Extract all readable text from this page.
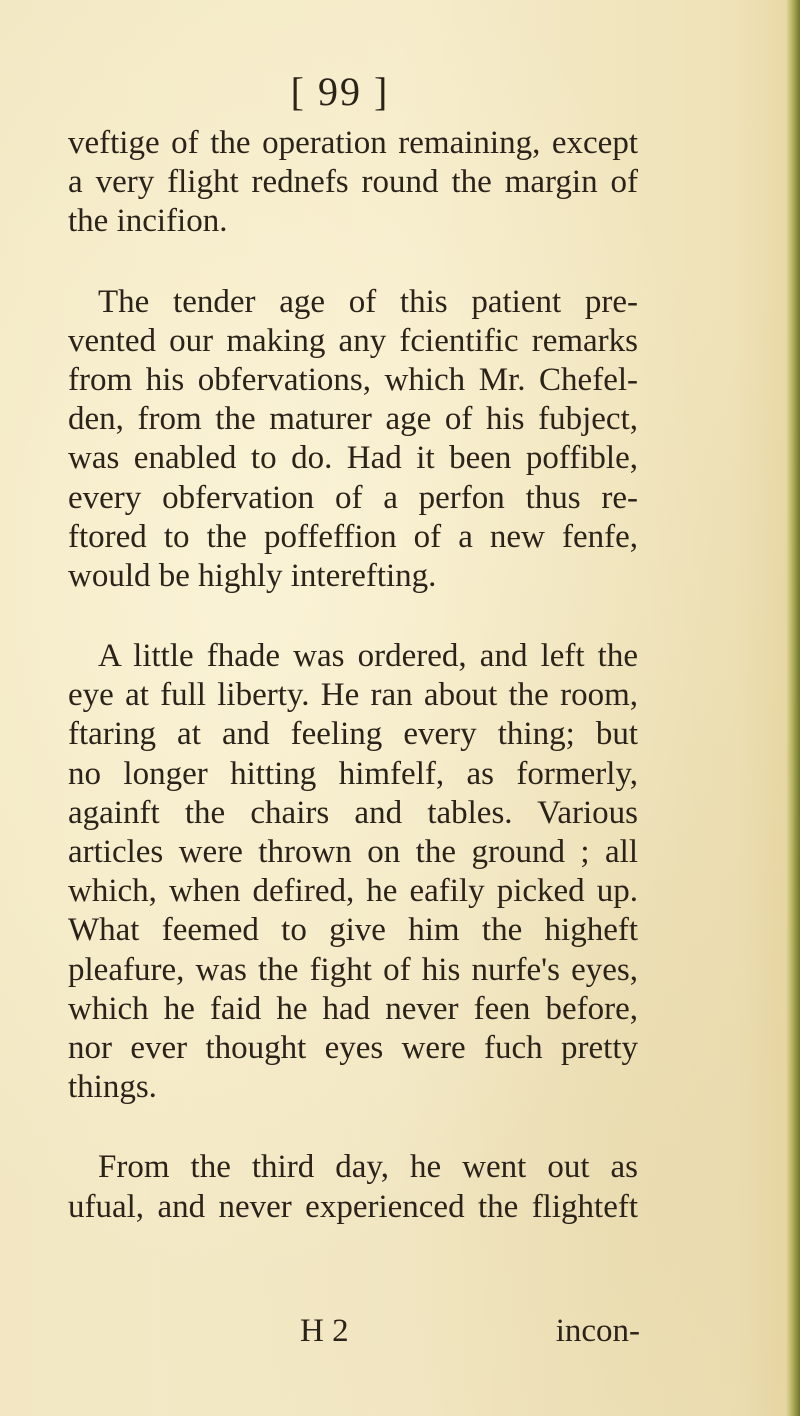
[ 99 ]
veftige of the operation remaining, except
a very flight rednefs round the margin of
the incifion.
The tender age of this patient pre-
vented our making any fcientific remarks
from his obfervations, which Mr. Chefel-
den, from the maturer age of his fubject,
was enabled to do. Had it been poffible,
every obfervation of a perfon thus re-
ftored to the poffeffion of a new fenfe,
would be highly interefting.
A little fhade was ordered, and left the
eye at full liberty. He ran about the room,
ftaring at and feeling every thing; but
no longer hitting himfelf, as formerly,
againft the chairs and tables. Various
articles were thrown on the ground ; all
which, when defired, he eafily picked up.
What feemed to give him the higheft
pleafure, was the fight of his nurfe's eyes,
which he faid he had never feen before,
nor ever thought eyes were fuch pretty
things.
From the third day, he went out as
ufual, and never experienced the flighteft
H 2	incon-
